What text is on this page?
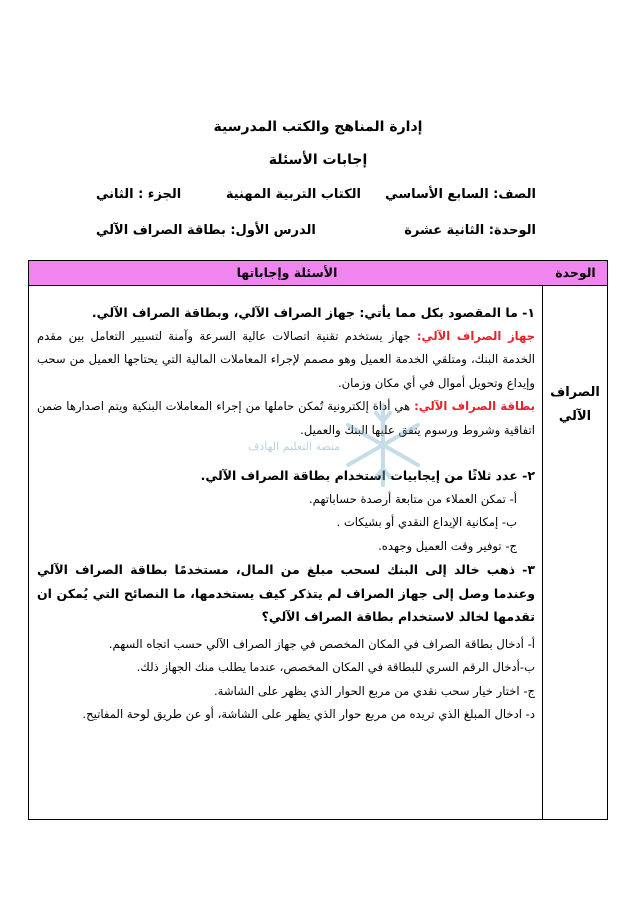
إدارة المناهج والكتب المدرسية
إجابات الأسئلة
الصف: السابع الأساسي
الكتاب التربية المهنية
الجزء : الثاني
الوحدة: الثانية عشرة
الدرس الأول: بطاقة الصراف الآلي
الوحدة
الأسئلة وإجاباتها
الصراف
الآلي

١- ما المقصود بكل مما يأتي: جهاز الصراف الآلي، وبطاقة الصراف الآلي.

جهاز الصراف الآلي: جهاز يستخدم تقنية اتصالات عالية السرعة وآمنة لتسيير التعامل بين مقدم الخدمة البنك، ومتلقي الخدمة العميل وهو مصمم لإجراء المعاملات المالية التي يحتاجها العميل من سحب وإيداع وتحويل أموال في أي مكان وزمان.

بطاقة الصراف الآلي: هي أداة إلكترونية تُمكن حاملها من إجراء المعاملات البنكية ويتم اصدارها ضمن اتفاقية وشروط ورسوم يتفق عليها البنك والعميل.

٢- عدد ثلاثًا من إيجابيات استخدام بطاقة الصراف الآلي.

أ- تمكن العملاء من متابعة أرصدة حساباتهم.

ب- إمكانية الإيداع النقدي أو بشيكات .

ج- توفير وقت العميل وجهده.

٣- ذهب خالد إلى البنك لسحب مبلغ من المال، مستخدمًا بطاقة الصراف الآلي وعندما وصل إلى جهاز الصراف لم يتذكر كيف يستخدمها، ما النصائح التي يُمكن ان تقدمها لخالد لاستخدام بطاقة الصراف الآلي؟

أ- أدخال بطاقة الصراف في المكان المخصص في جهاز الصراف الآلي حسب اتجاه السهم.

ب-أدخال الرقم السري للبطاقة في المكان المخصص، عندما يطلب منك الجهاز ذلك.

ج- اختار خيار سحب نقدي من مربع الحوار الذي يظهر على الشاشة.

د- ادخال المبلغ الذي تريده من مربع حوار الذي يظهر على الشاشة، أو عن طريق لوحة المفاتيح.

منصة التعليم الهادف
